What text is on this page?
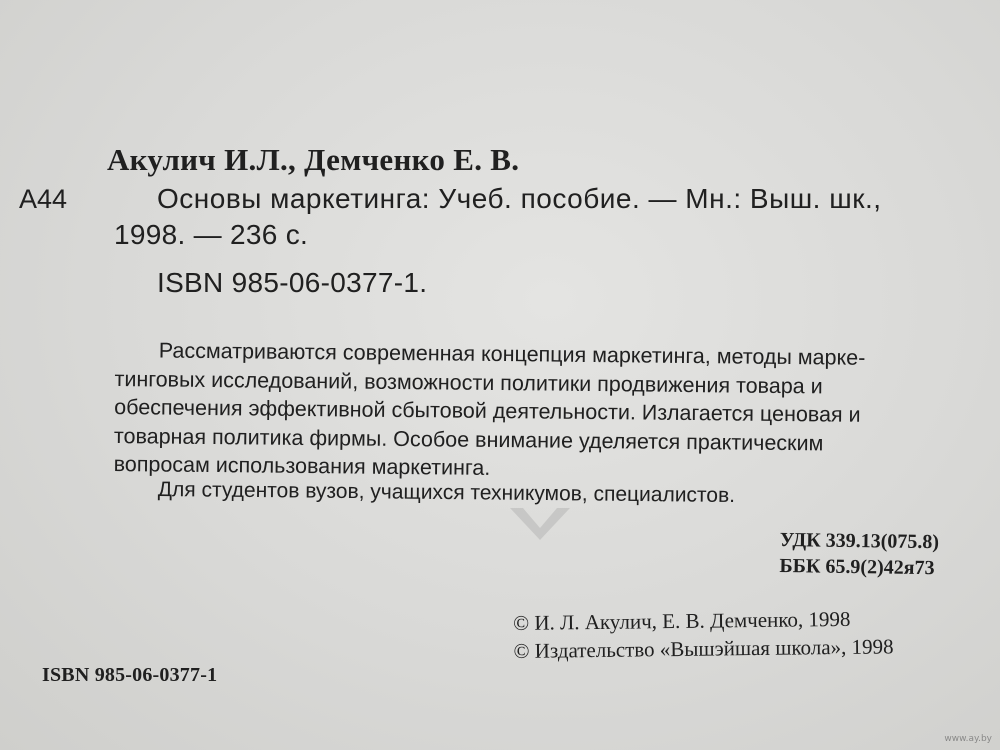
Акулич И.Л., Демченко Е. В.
А44	Основы маркетинга: Учеб. пособие. — Мн.: Выш. шк.,
1998. — 236 с.
ISBN 985-06-0377-1.
Рассматриваются современная концепция маркетинга, методы марке-
тинговых исследований, возможности политики продвижения товара и
обеспечения эффективной сбытовой деятельности. Излагается ценовая и
товарная политика фирмы. Особое внимание уделяется практическим
вопросам использования маркетинга.
Для студентов вузов, учащихся техникумов, специалистов.
УДК 339.13(075.8)
ББК 65.9(2)42я73
© И. Л. Акулич, Е. В. Демченко, 1998
© Издательство «Вышэйшая школа», 1998
ISBN 985-06-0377-1
www.ay.by
